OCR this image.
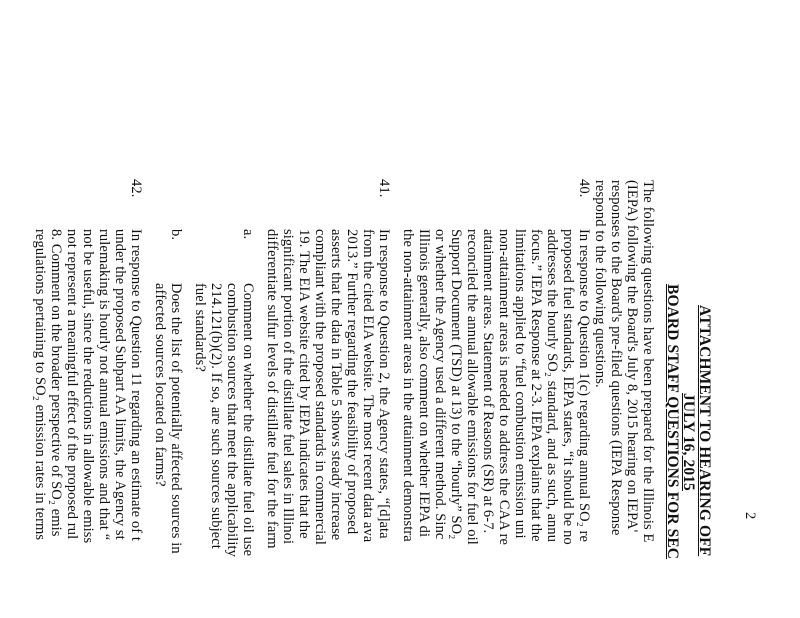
2
ATTACHMENT TO HEARING OFF
JULY 16, 2015
BOARD STAFF QUESTIONS FOR SEC
The following questions have been prepared for the Illinois E
(IEPA) following the Board's July 8, 2015 hearing on IEPA'
responses to the Board's pre-filed questions (IEPA Response
respond to the following questions.
40.
In response to Question 1(c) regarding annual SO₂ re
proposed fuel standards, IEPA states, “it should be no
addresses the hourly SO₂ standard, and as such, annu
focus.” IEPA Response at 2-3. IEPA explains that the
limitations applied to “fuel combustion emission uni
non-attainment areas is needed to address the CAA re
attainment areas. Statement of Reasons (SR) at 6-7.
reconciled the annual allowable emissions for fuel oil
Support Document (TSD) at 13) to the “hourly” SO₂
or whether the Agency used a different method. Sinc
Illinois generally, also comment on whether IEPA di
the non-attainment areas in the attainment demonstra
41.
In response to Question 2, the Agency states, “[d]ata
from the cited EIA website. The most recent data ava
2013.” Further regarding the feasibility of proposed
asserts that the data in Table 5 shows steady increase
compliant with the proposed standards in commercial
19. The EIA website cited by IEPA indicates that the
significant portion of the distillate fuel sales in Illinoi
differentiate sulfur levels of distillate fuel for the farm
a.
Comment on whether the distillate fuel oil use
combustion sources that meet the applicability
214.121(b)(2). If so, are such sources subject
fuel standards?
b.
Does the list of potentially affected sources in
affected sources located on farms?
42.
In response to Question 11 regarding an estimate of t
under the proposed Subpart AA limits, the Agency st
rulemaking is hourly not annual emissions and that “
not be useful, since the reductions in allowable emiss
not represent a meaningful effect of the proposed rul
8. Comment on the broader perspective of SO₂ emis
regulations pertaining to SO₂ emission rates in terms
